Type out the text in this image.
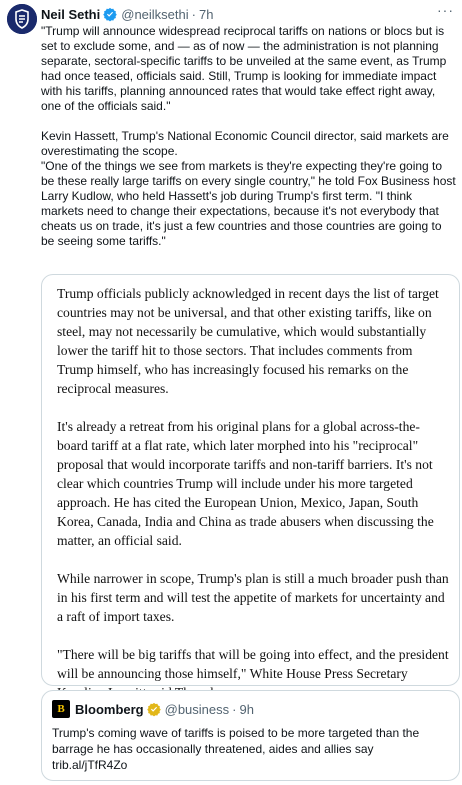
Neil Sethi @neilksethi · 7h	···

"Trump will announce widespread reciprocal tariffs on nations or blocs but is set to exclude some, and — as of now — the administration is not planning separate, sectoral-specific tariffs to be unveiled at the same event, as Trump had once teased, officials said. Still, Trump is looking for immediate impact with his tariffs, planning announced rates that would take effect right away, one of the officials said."

Kevin Hassett, Trump's National Economic Council director, said markets are overestimating the scope.

"One of the things we see from markets is they're expecting they're going to be these really large tariffs on every single country," he told Fox Business host Larry Kudlow, who held Hassett's job during Trump's first term. "I think markets need to change their expectations, because it's not everybody that cheats us on trade, it's just a few countries and those countries are going to be seeing some tariffs."

Trump officials publicly acknowledged in recent days the list of target countries may not be universal, and that other existing tariffs, like on steel, may not necessarily be cumulative, which would substantially lower the tariff hit to those sectors. That includes comments from Trump himself, who has increasingly focused his remarks on the reciprocal measures.

It's already a retreat from his original plans for a global across-the-board tariff at a flat rate, which later morphed into his "reciprocal" proposal that would incorporate tariffs and non-tariff barriers. It's not clear which countries Trump will include under his more targeted approach. He has cited the European Union, Mexico, Japan, South Korea, Canada, India and China as trade abusers when discussing the matter, an official said.

While narrower in scope, Trump's plan is still a much broader push than in his first term and will test the appetite of markets for uncertainty and a raft of import taxes.

"There will be big tariffs that will be going into effect, and the president will be announcing those himself," White House Press Secretary

B Bloomberg @business · 9h
Trump's coming wave of tariffs is poised to be more targeted than the barrage he has occasionally threatened, aides and allies say trib.al/jTfR4Zo
